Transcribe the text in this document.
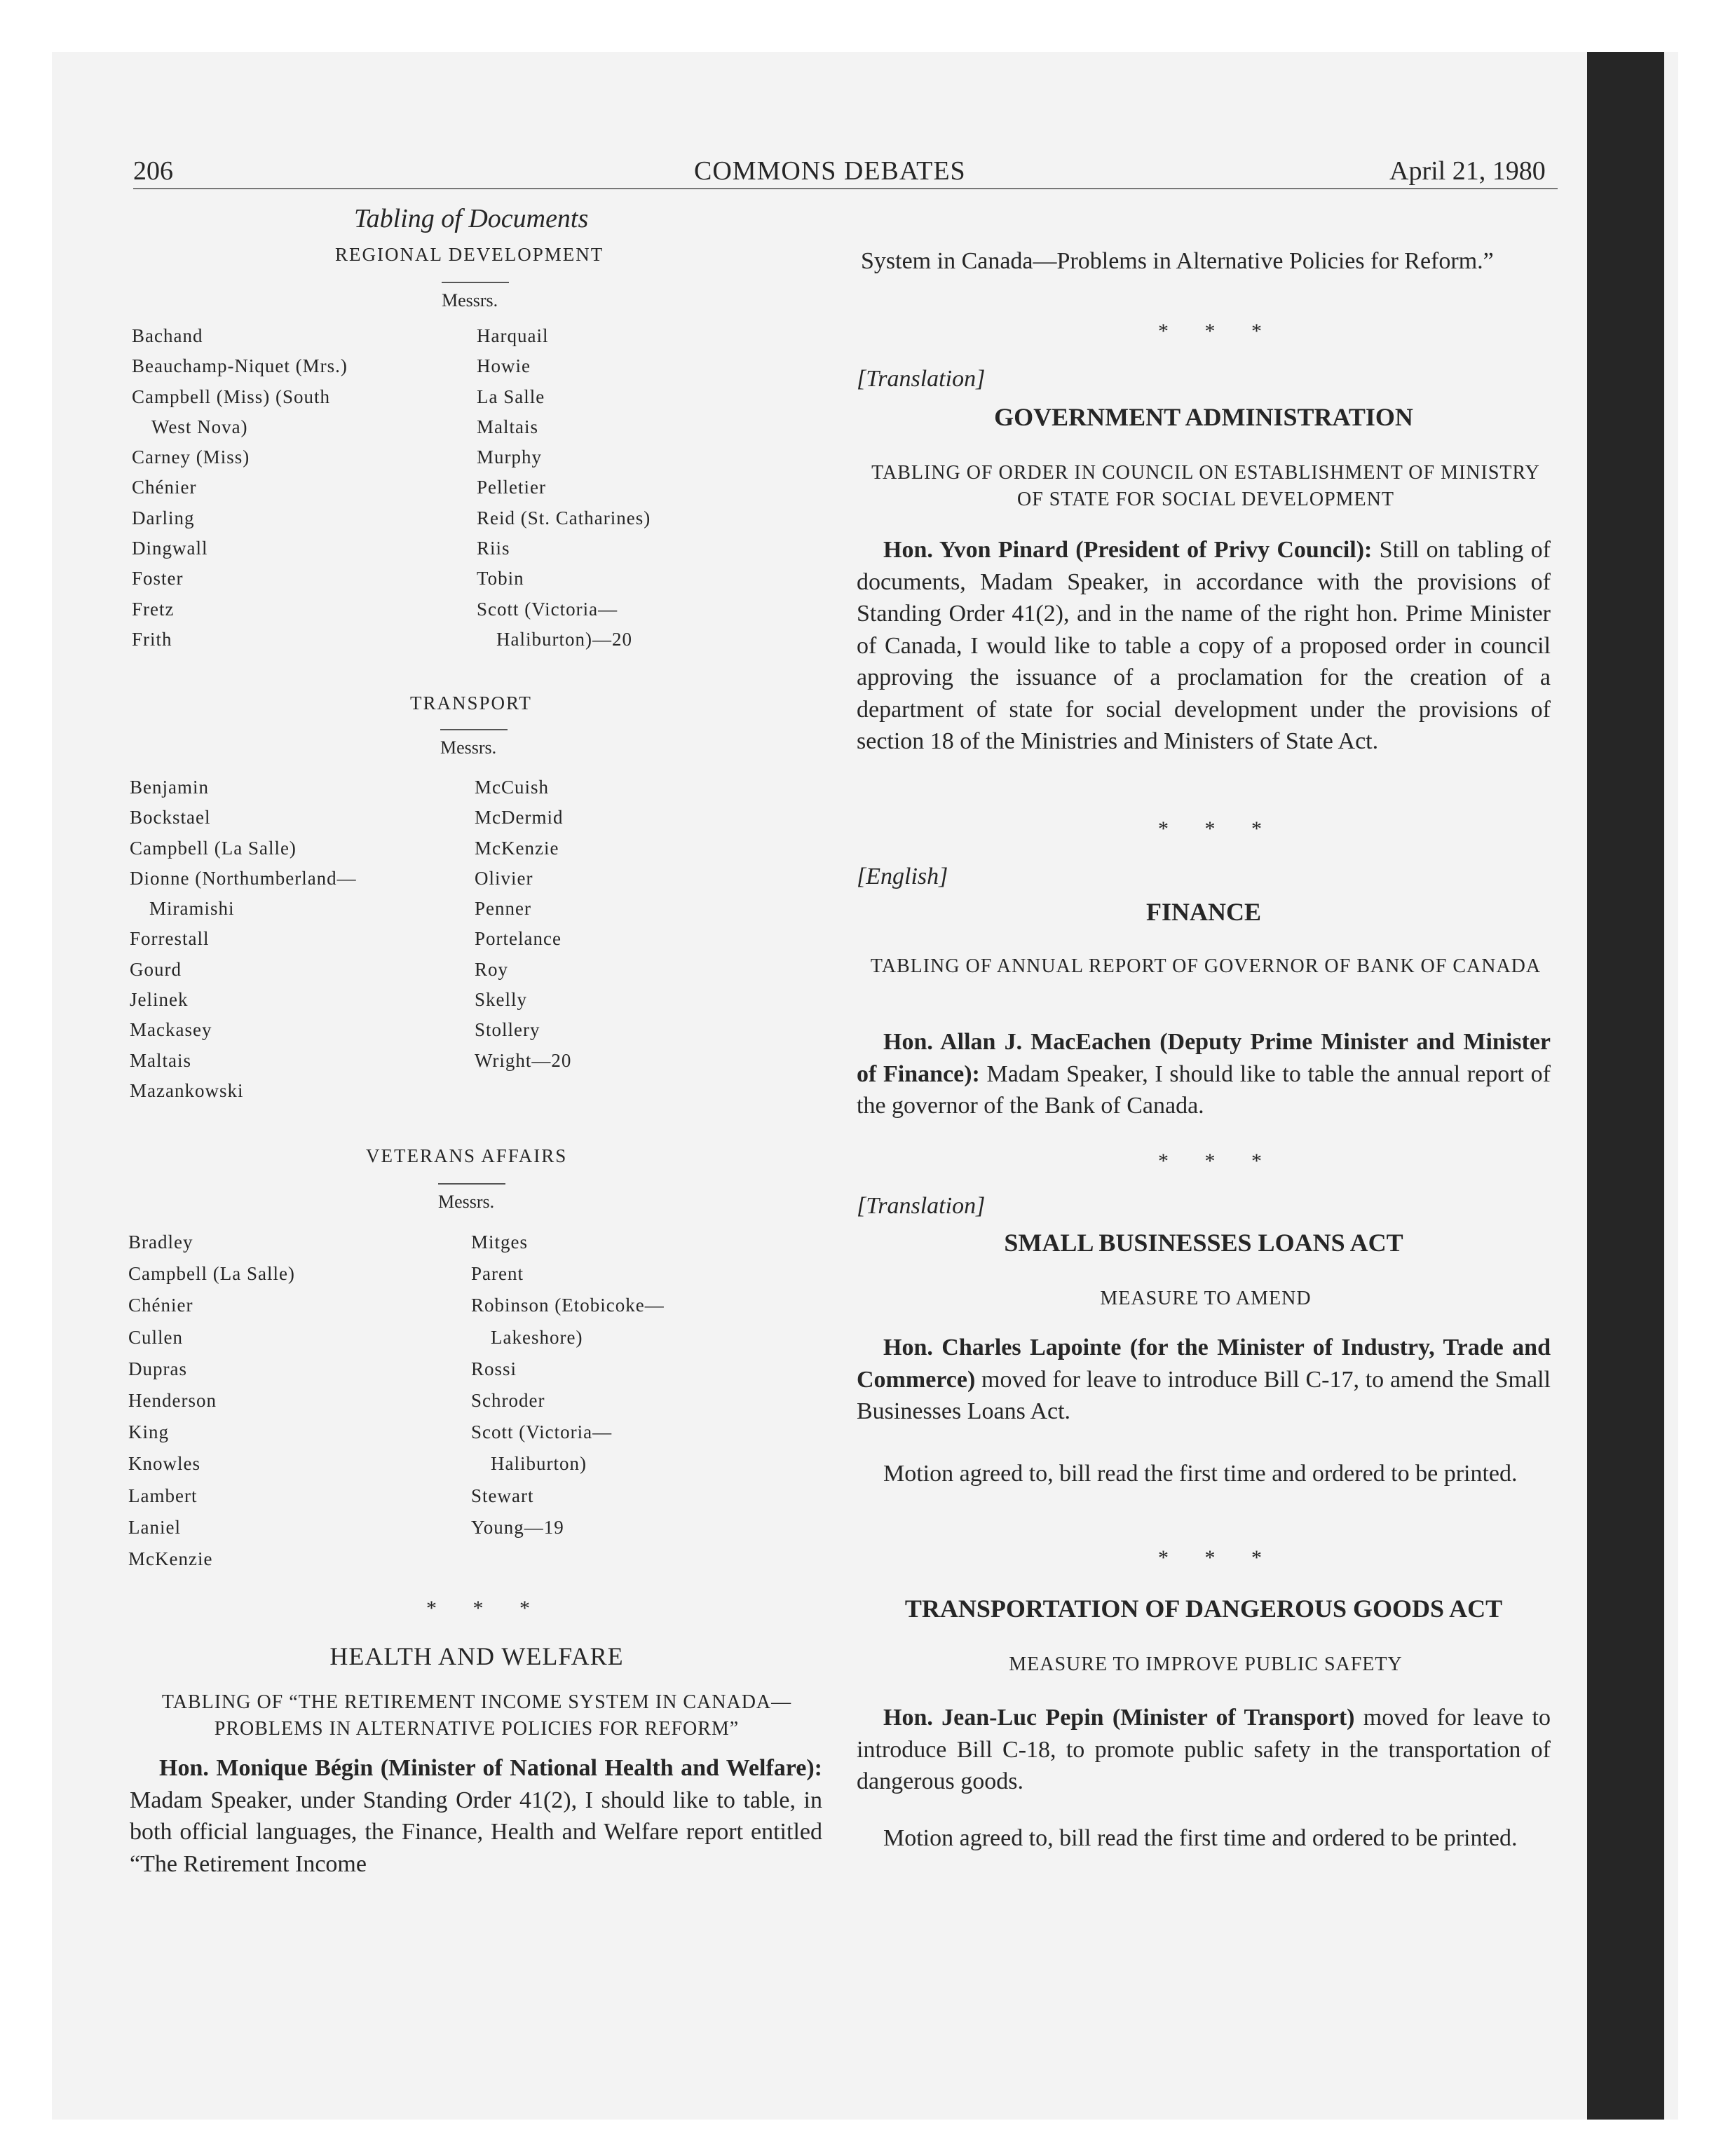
206	COMMONS DEBATES	April 21, 1980
Tabling of Documents
REGIONAL DEVELOPMENT
Messrs.
Bachand
Beauchamp-Niquet (Mrs.)
Campbell (Miss) (South
West Nova)
Carney (Miss)
Chénier
Darling
Dingwall
Foster
Fretz
Frith
Harquail
Howie
La Salle
Maltais
Murphy
Pelletier
Reid (St. Catharines)
Riis
Tobin
Scott (Victoria—
Haliburton)—20
TRANSPORT
Messrs.
Benjamin
Bockstael
Campbell (La Salle)
Dionne (Northumberland—
Miramishi
Forrestall
Gourd
Jelinek
Mackasey
Maltais
Mazankowski
McCuish
McDermid
McKenzie
Olivier
Penner
Portelance
Roy
Skelly
Stollery
Wright—20
VETERANS AFFAIRS
Messrs.
Bradley
Campbell (La Salle)
Chénier
Cullen
Dupras
Henderson
King
Knowles
Lambert
Laniel
McKenzie
Mitges
Parent
Robinson (Etobicoke—
Lakeshore)
Rossi
Schroder
Scott (Victoria—
Haliburton)
Stewart
Young—19
* * *
HEALTH AND WELFARE
TABLING OF “THE RETIREMENT INCOME SYSTEM IN CANADA—PROBLEMS IN ALTERNATIVE POLICIES FOR REFORM”

Hon. Monique Bégin (Minister of National Health and Welfare): Madam Speaker, under Standing Order 41(2), I should like to table, in both official languages, the Finance, Health and Welfare report entitled “The Retirement Income

System in Canada—Problems in Alternative Policies for Reform.”

* * *
[Translation]
GOVERNMENT ADMINISTRATION
TABLING OF ORDER IN COUNCIL ON ESTABLISHMENT OF MINISTRY OF STATE FOR SOCIAL DEVELOPMENT

Hon. Yvon Pinard (President of Privy Council): Still on tabling of documents, Madam Speaker, in accordance with the provisions of Standing Order 41(2), and in the name of the right hon. Prime Minister of Canada, I would like to table a copy of a proposed order in council approving the issuance of a proclamation for the creation of a department of state for social development under the provisions of section 18 of the Ministries and Ministers of State Act.

* * *
[English]
FINANCE
TABLING OF ANNUAL REPORT OF GOVERNOR OF BANK OF CANADA

Hon. Allan J. MacEachen (Deputy Prime Minister and Minister of Finance): Madam Speaker, I should like to table the annual report of the governor of the Bank of Canada.

* * *
[Translation]
SMALL BUSINESSES LOANS ACT
MEASURE TO AMEND

Hon. Charles Lapointe (for the Minister of Industry, Trade and Commerce) moved for leave to introduce Bill C-17, to amend the Small Businesses Loans Act.

Motion agreed to, bill read the first time and ordered to be printed.

* * *
TRANSPORTATION OF DANGEROUS GOODS ACT
MEASURE TO IMPROVE PUBLIC SAFETY

Hon. Jean-Luc Pepin (Minister of Transport) moved for leave to introduce Bill C-18, to promote public safety in the transportation of dangerous goods.

Motion agreed to, bill read the first time and ordered to be printed.
